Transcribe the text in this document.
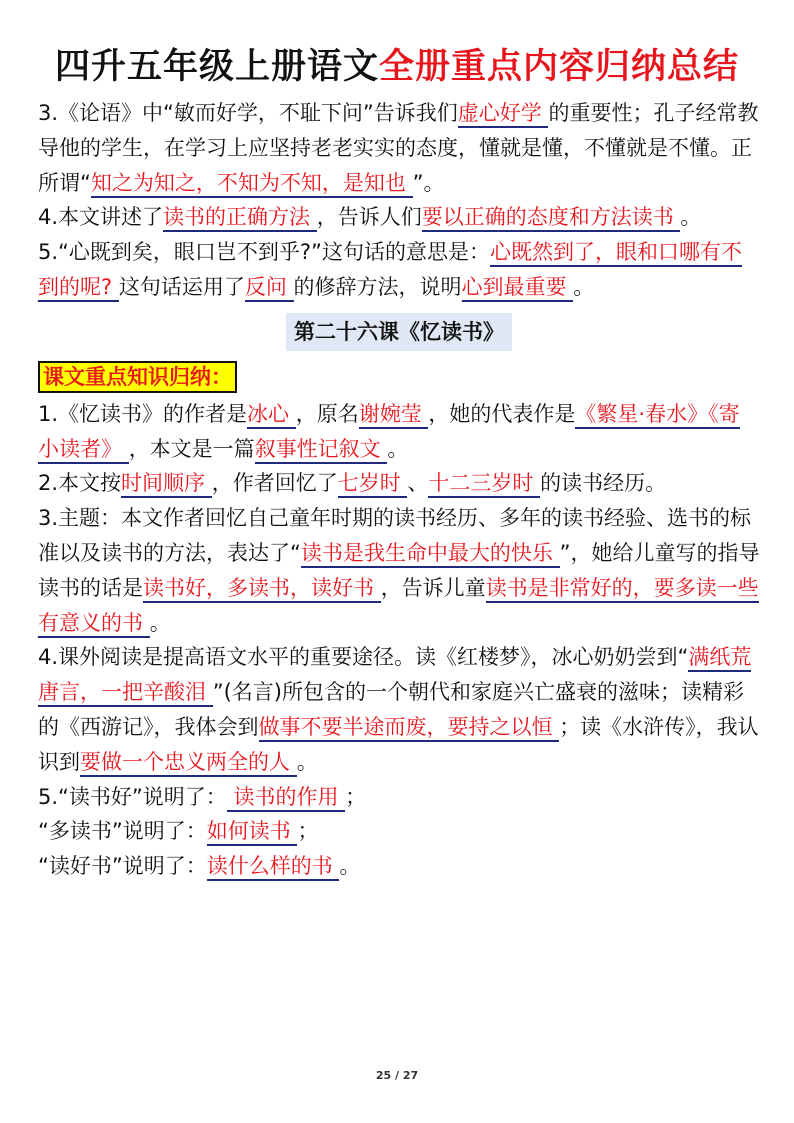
四升五年级上册语文全册重点内容归纳总结

3.《论语》中“敏而好学，不耻下问”告诉我们虚心好学 的重要性；孔子经常教导他的学生，在学习上应坚持老老实实的态度，懂就是懂，不懂就是不懂。正所谓“知之为知之，不知为不知，是知也 ”。

4.本文讲述了读书的正确方法 ，告诉人们要以正确的态度和方法读书 。

5.“心既到矣，眼口岂不到乎?”这句话的意思是：心既然到了，眼和口哪有不到的呢? 这句话运用了反问 的修辞方法，说明心到最重要 。

第二十六课《忆读书》
课文重点知识归纳：

1.《忆读书》的作者是冰心 ，原名谢婉莹 ，她的代表作是《繁星·春水》《寄小读者》 ，本文是一篇叙事性记叙文 。

2.本文按时间顺序 ，作者回忆了七岁时 、十二三岁时 的读书经历。

3.主题：本文作者回忆自己童年时期的读书经历、多年的读书经验、选书的标准以及读书的方法，表达了“读书是我生命中最大的快乐 ”，她给儿童写的指导读书的话是读书好，多读书，读好书 ，告诉儿童读书是非常好的，要多读一些有意义的书 。

4.课外阅读是提高语文水平的重要途径。读《红楼梦》，冰心奶奶尝到“满纸荒唐言，一把辛酸泪 ”(名言)所包含的一个朝代和家庭兴亡盛衰的滋味；读精彩的《西游记》，我体会到做事不要半途而废，要持之以恒 ；读《水浒传》，我认识到要做一个忠义两全的人 。

5.“读书好”说明了： 读书的作用 ；

“多读书”说明了：如何读书 ；

“读好书”说明了：读什么样的书 。

25 / 27
